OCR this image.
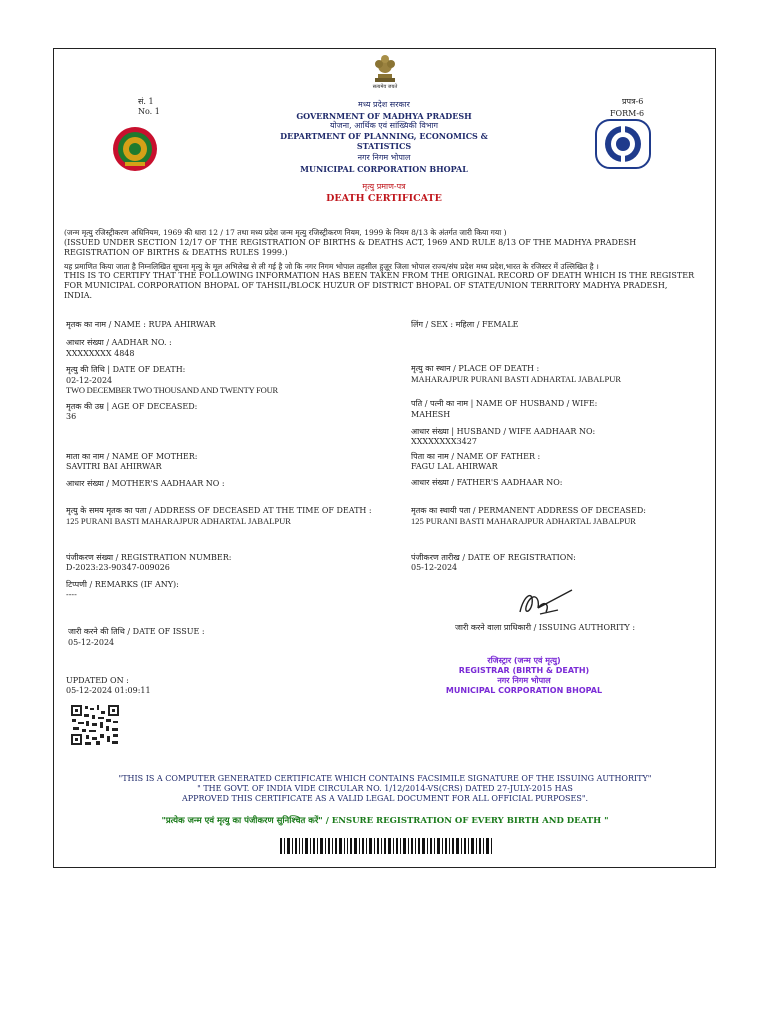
सत्यमेव जयते
सं. 1
No. 1
प्रपत्र-6
FORM-6
मध्य प्रदेश सरकार
GOVERNMENT OF MADHYA PRADESH
योजना, आर्थिक एवं सांख्यिकी विभाग
DEPARTMENT OF PLANNING, ECONOMICS &
STATISTICS
नगर निगम भोपाल
MUNICIPAL CORPORATION BHOPAL
मृत्यु प्रमाण-पत्र
DEATH CERTIFICATE
(जन्म मृत्यु रजिस्ट्रीकरण अधिनियम, 1969 की धारा 12 / 17 तथा मध्य प्रदेश जन्म मृत्यु रजिस्ट्रीकरण नियम, 1999 के नियम 8/13 के अंतर्गत जारी किया गया )
(ISSUED UNDER SECTION 12/17 OF THE REGISTRATION OF BIRTHS & DEATHS ACT, 1969 AND RULE 8/13 OF THE MADHYA PRADESH
REGISTRATION OF BIRTHS & DEATHS RULES 1999.)
यह प्रमाणित किया जाता है निम्नलिखित सूचना मृत्यु के मूल अभिलेख से ली गई है जो कि नगर निगम भोपाल तहसील हुज़ूर जिला भोपाल राज्य/संघ प्रदेश मध्य प्रदेश,भारत के रजिस्टर में उल्लिखित है ।
THIS IS TO CERTIFY THAT THE FOLLOWING INFORMATION HAS BEEN TAKEN FROM THE ORIGINAL RECORD OF DEATH WHICH IS THE REGISTER
FOR MUNICIPAL CORPORATION BHOPAL OF TAHSIL/BLOCK HUZUR OF DISTRICT BHOPAL OF STATE/UNION TERRITORY MADHYA PRADESH,
INDIA.
मृतक का नाम / NAME : RUPA AHIRWAR	लिंग / SEX : महिला / FEMALE
आधार संख्या / AADHAR NO. :
XXXXXXXX 4848
मृत्यु की तिथि | DATE OF DEATH:
02-12-2024
TWO DECEMBER TWO THOUSAND AND TWENTY FOUR
मृत्यु का स्थान / PLACE OF DEATH :
MAHARAJPUR PURANI BASTI ADHARTAL JABALPUR
मृतक की उम्र | AGE OF DECEASED:
36
पति / पत्नी का नाम | NAME OF HUSBAND / WIFE:
MAHESH
आधार संख्या | HUSBAND / WIFE AADHAAR NO:
XXXXXXXX3427
माता का नाम / NAME OF MOTHER:
SAVITRI BAI AHIRWAR
पिता का नाम / NAME OF FATHER :
FAGU LAL AHIRWAR
आधार संख्या / MOTHER'S AADHAAR NO :	आधार संख्या / FATHER'S AADHAAR NO:
मृत्यु के समय मृतक का पता / ADDRESS OF DECEASED AT THE TIME OF DEATH :
125 PURANI BASTI MAHARAJPUR ADHARTAL JABALPUR
मृतक का स्थायी पता / PERMANENT ADDRESS OF DECEASED:
125 PURANI BASTI MAHARAJPUR ADHARTAL JABALPUR
पंजीकरण संख्या / REGISTRATION NUMBER:
D-2023:23-90347-009026
पंजीकरण तारीख / DATE OF REGISTRATION:
05-12-2024
टिप्पणी / REMARKS (IF ANY):
----
जारी करने की तिथि / DATE OF ISSUE :
05-12-2024
जारी करने वाला प्राधिकारी / ISSUING AUTHORITY :
रजिस्ट्रार (जन्म एवं मृत्यु)
REGISTRAR (BIRTH & DEATH)
नगर निगम भोपाल
MUNICIPAL CORPORATION BHOPAL
UPDATED ON :
05-12-2024 01:09:11
"THIS IS A COMPUTER GENERATED CERTIFICATE WHICH CONTAINS FACSIMILE SIGNATURE OF THE ISSUING AUTHORITY"
" THE GOVT. OF INDIA VIDE CIRCULAR NO. 1/12/2014-VS(CRS) DATED 27-JULY-2015 HAS
APPROVED THIS CERTIFICATE AS A VALID LEGAL DOCUMENT FOR ALL OFFICIAL PURPOSES".
"प्रत्येक जन्म एवं मृत्यु का पंजीकरण सुनिश्चित करें" / ENSURE REGISTRATION OF EVERY BIRTH AND DEATH "
